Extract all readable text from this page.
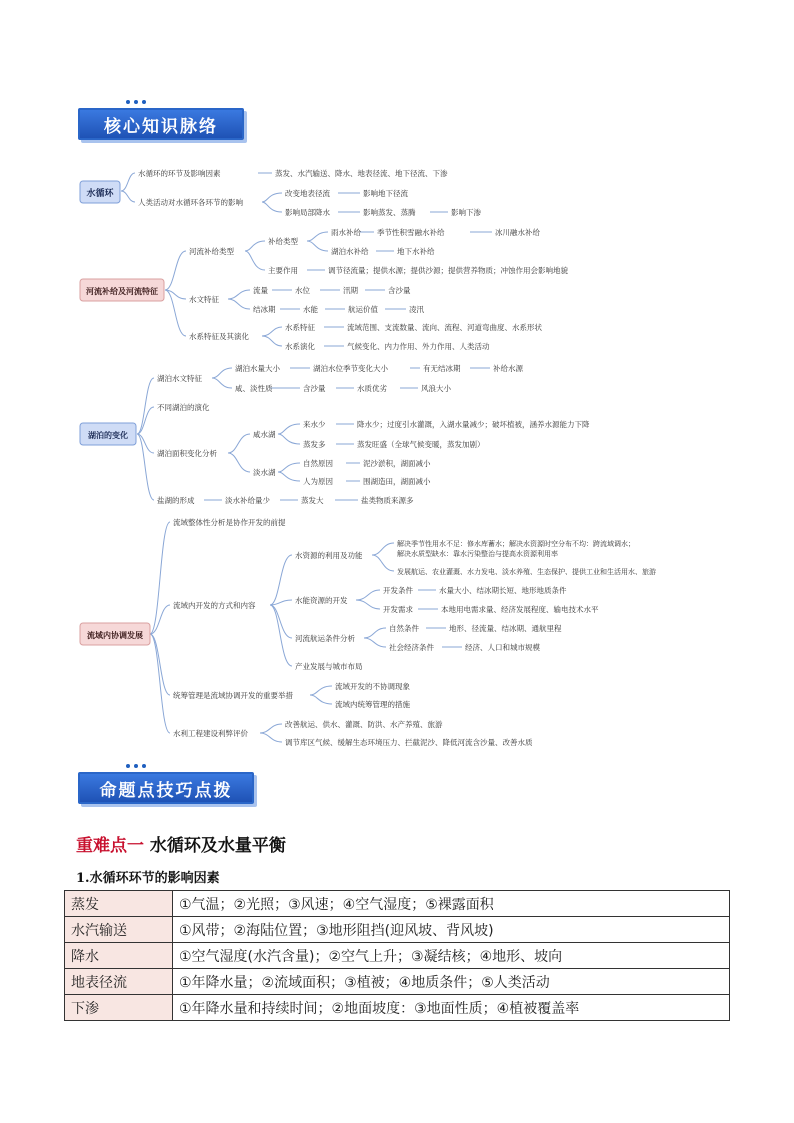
核心知识脉络
水循环
河流补给及河流特征
湖泊的变化
流域内协调发展
水循环的环节及影响因素	蒸发、水汽输送、降水、地表径流、地下径流、下渗
人类活动对水循环各环节的影响
改变地表径流	影响地下径流
影响局部降水	影响蒸发、蒸腾	影响下渗
河流补给类型
补给类型
雨水补给 季节性积雪融水补给	冰川融水补给
湖泊水补给	地下水补给
主要作用	调节径流量；提供水源；提供沙源；提供营养物质；冲蚀作用会影响地貌
水文特征
流量	水位	汛期	含沙量
结冰期	水能	航运价值	凌汛
水系特征及其演化
水系特征	流域范围、支流数量、流向、流程、河道弯曲度、水系形状
水系演化	气候变化、内力作用、外力作用、人类活动
湖泊水文特征
湖泊水量大小	湖泊水位季节变化大小	有无结冰期	补给水源
咸、淡性质	含沙量	水质优劣	风浪大小
不同湖泊的演化
湖泊面积变化分析
咸水湖
来水少	降水少；过度引水灌溉，入湖水量减少；破坏植被，涵养水源能力下降
蒸发多	蒸发旺盛（全球气候变暖，蒸发加剧）
淡水湖
自然原因	泥沙淤积，湖面减小
人为原因	围湖造田，湖面减小
盐湖的形成	淡水补给量少	蒸发大	盐类物质来源多
流域整体性分析是协作开发的前提
流域内开发的方式和内容
水资源的利用及功能
解决季节性用水不足：修水库蓄水；解决水资源时空分布不均：跨流域调水；
解决水质型缺水：靠水污染整治与提高水资源利用率
发展航运、农业灌溉、水力发电、淡水养殖、生态保护、提供工业和生活用水、旅游
水能资源的开发
开发条件	水量大小、结冰期长短、地形地质条件
开发需求	本地用电需求量、经济发展程度、输电技术水平
河流航运条件分析
自然条件	地形、径流量、结冰期、通航里程
社会经济条件	经济、人口和城市规模
产业发展与城市布局
统筹管理是流域协调开发的重要举措
流域开发的不协调现象
流域内统筹管理的措施
水利工程建设利弊评价
改善航运、供水、灌溉、防洪、水产养殖、旅游
调节库区气候、缓解生态环境压力、拦截泥沙、降低河流含沙量、改善水质
命题点技巧点拨
重难点一 水循环及水量平衡
1.水循环环节的影响因素
蒸发	①气温；②光照；③风速；④空气湿度；⑤裸露面积
水汽输送	①风带；②海陆位置；③地形阻挡(迎风坡、背风坡)
降水	①空气湿度(水汽含量)；②空气上升；③凝结核；④地形、坡向
地表径流	①年降水量；②流域面积；③植被；④地质条件；⑤人类活动
下渗	①年降水量和持续时间；②地面坡度：③地面性质；④植被覆盖率
